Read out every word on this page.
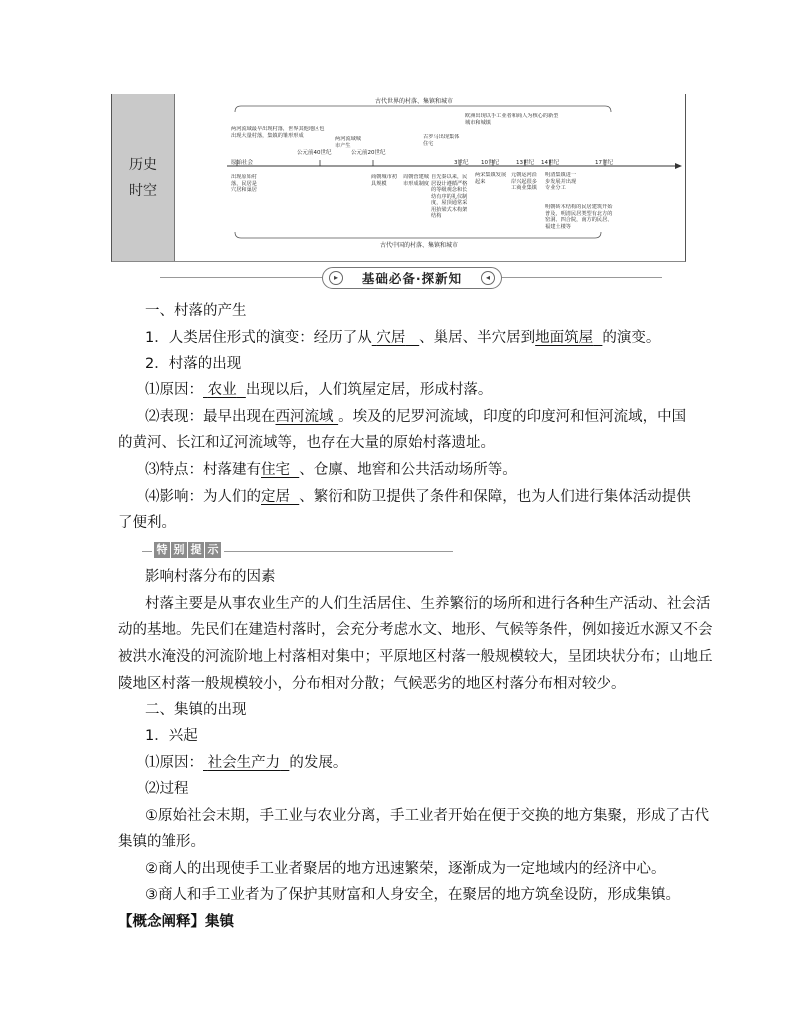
历史
时空
古代世界的村落、集镇和城市
原始社会
公元前40世纪	公元前20世纪
3世纪 10世纪	13世纪 14世纪	17世纪
两河流域最早出现村落，世界其他地区也出现大量村落，集镇的雏形形成
两河流域城市产生
古罗马出现集体住宅
欧洲出现以手工业者和商人为核心的新型城市和城镇
两宋集镇发展起来
元朝运河沿岸兴起很多工商业集镇
明清集镇进一步发展并出现专业分工
出现原始村落，民居是穴居和巢居
商朝城市初具规模
周朝营建城市形成制度
自先秦以来，民居设计遵循严格的等级观念和长幼有序的礼仪制度，屋顶通常采用抬梁式木构架结构
明朝砖木结构的民居建筑开始普及，明清民居类型有北方的窑洞、四合院，南方的民居、福建土楼等
古代中国的村落、集镇和城市
▸	基础必备·探新知	◂
一、村落的产生
1．人类居住形式的演变：经历了从 穴居 、巢居、半穴居到地面筑屋 的演变。
2．村落的出现
⑴原因： 农业 出现以后，人们筑屋定居，形成村落。
⑵表现：最早出现在西河流域 。埃及的尼罗河流域，印度的印度河和恒河流域，中国
的黄河、长江和辽河流域等，也存在大量的原始村落遗址。
⑶特点：村落建有住宅 、仓廪、地窖和公共活动场所等。
⑷影响：为人们的定居 、繁衍和防卫提供了条件和保障，也为人们进行集体活动提供
了便利。
特 别 提 示
影响村落分布的因素
村落主要是从事农业生产的人们生活居住、生养繁衍的场所和进行各种生产活动、社会活
动的基地。先民们在建造村落时，会充分考虑水文、地形、气候等条件，例如接近水源又不会
被洪水淹没的河流阶地上村落相对集中；平原地区村落一般规模较大，呈团块状分布；山地丘
陵地区村落一般规模较小，分布相对分散；气候恶劣的地区村落分布相对较少。
二、集镇的出现
1．兴起
⑴原因： 社会生产力 的发展。
⑵过程
①原始社会末期，手工业与农业分离，手工业者开始在便于交换的地方集聚，形成了古代
集镇的雏形。
②商人的出现使手工业者聚居的地方迅速繁荣，逐渐成为一定地域内的经济中心。
③商人和手工业者为了保护其财富和人身安全，在聚居的地方筑垒设防，形成集镇。
【概念阐释】集镇
